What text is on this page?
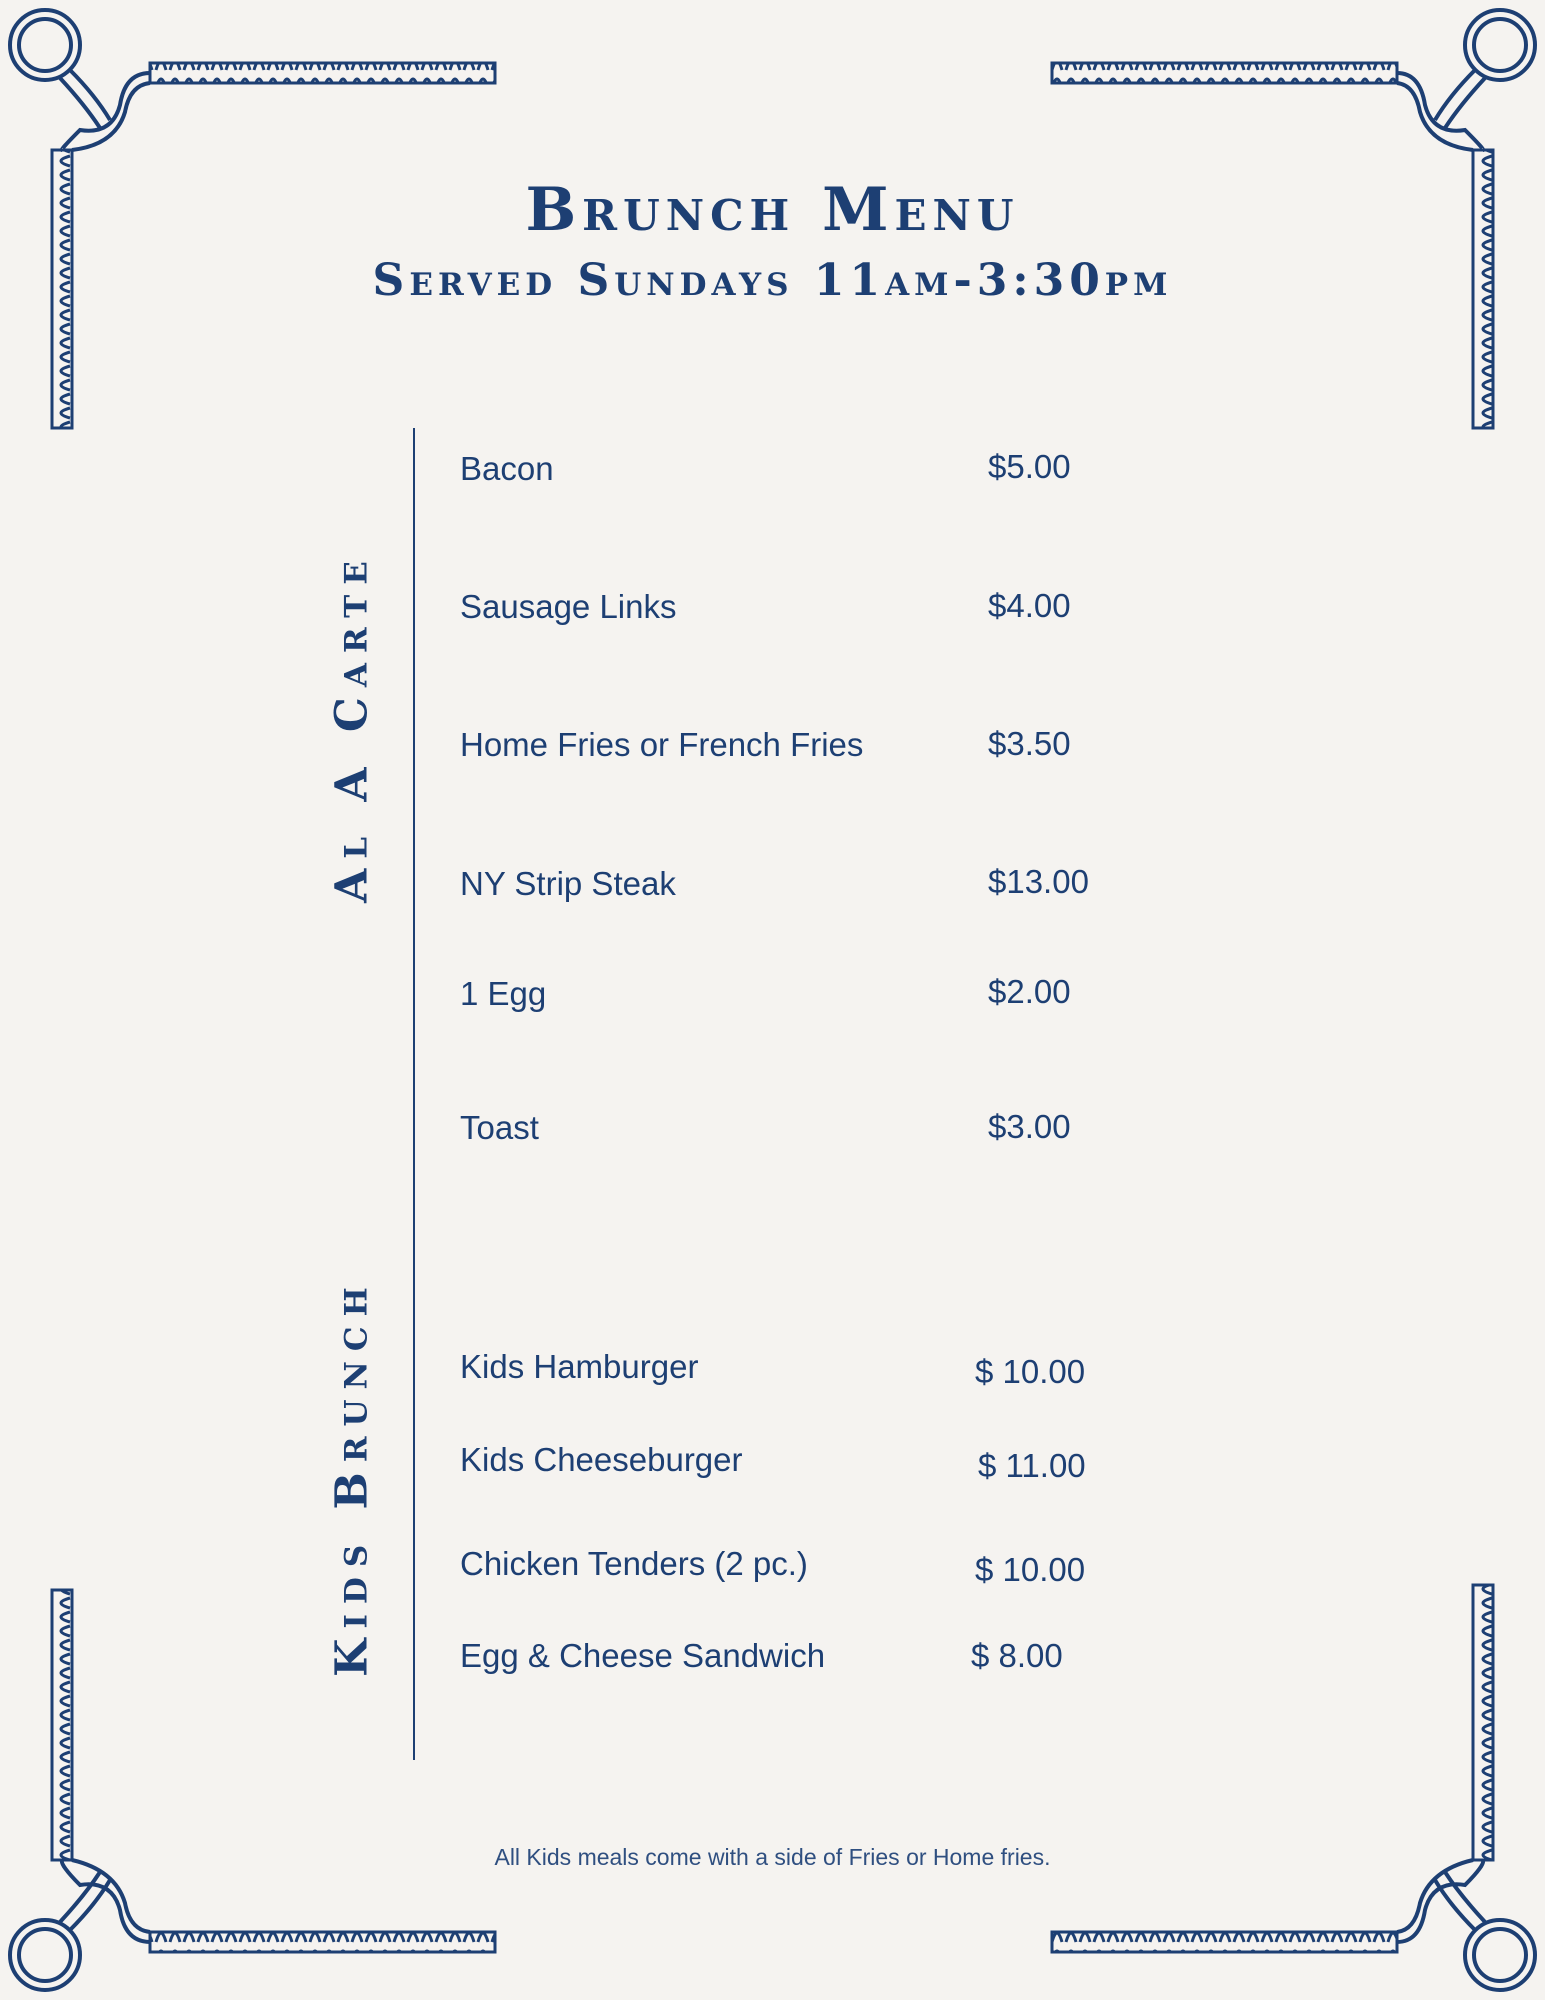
Brunch Menu
Served Sundays 11am-3:30pm
Al A Carte
Kids Brunch
Bacon	$5.00
Sausage Links	$4.00
Home Fries or French Fries	$3.50
NY Strip Steak	$13.00
1 Egg	$2.00
Toast	$3.00
Kids Hamburger	$ 10.00
Kids Cheeseburger	$ 11.00
Chicken Tenders (2 pc.)	$ 10.00
Egg & Cheese Sandwich	$ 8.00
All Kids meals come with a side of Fries or Home fries.
